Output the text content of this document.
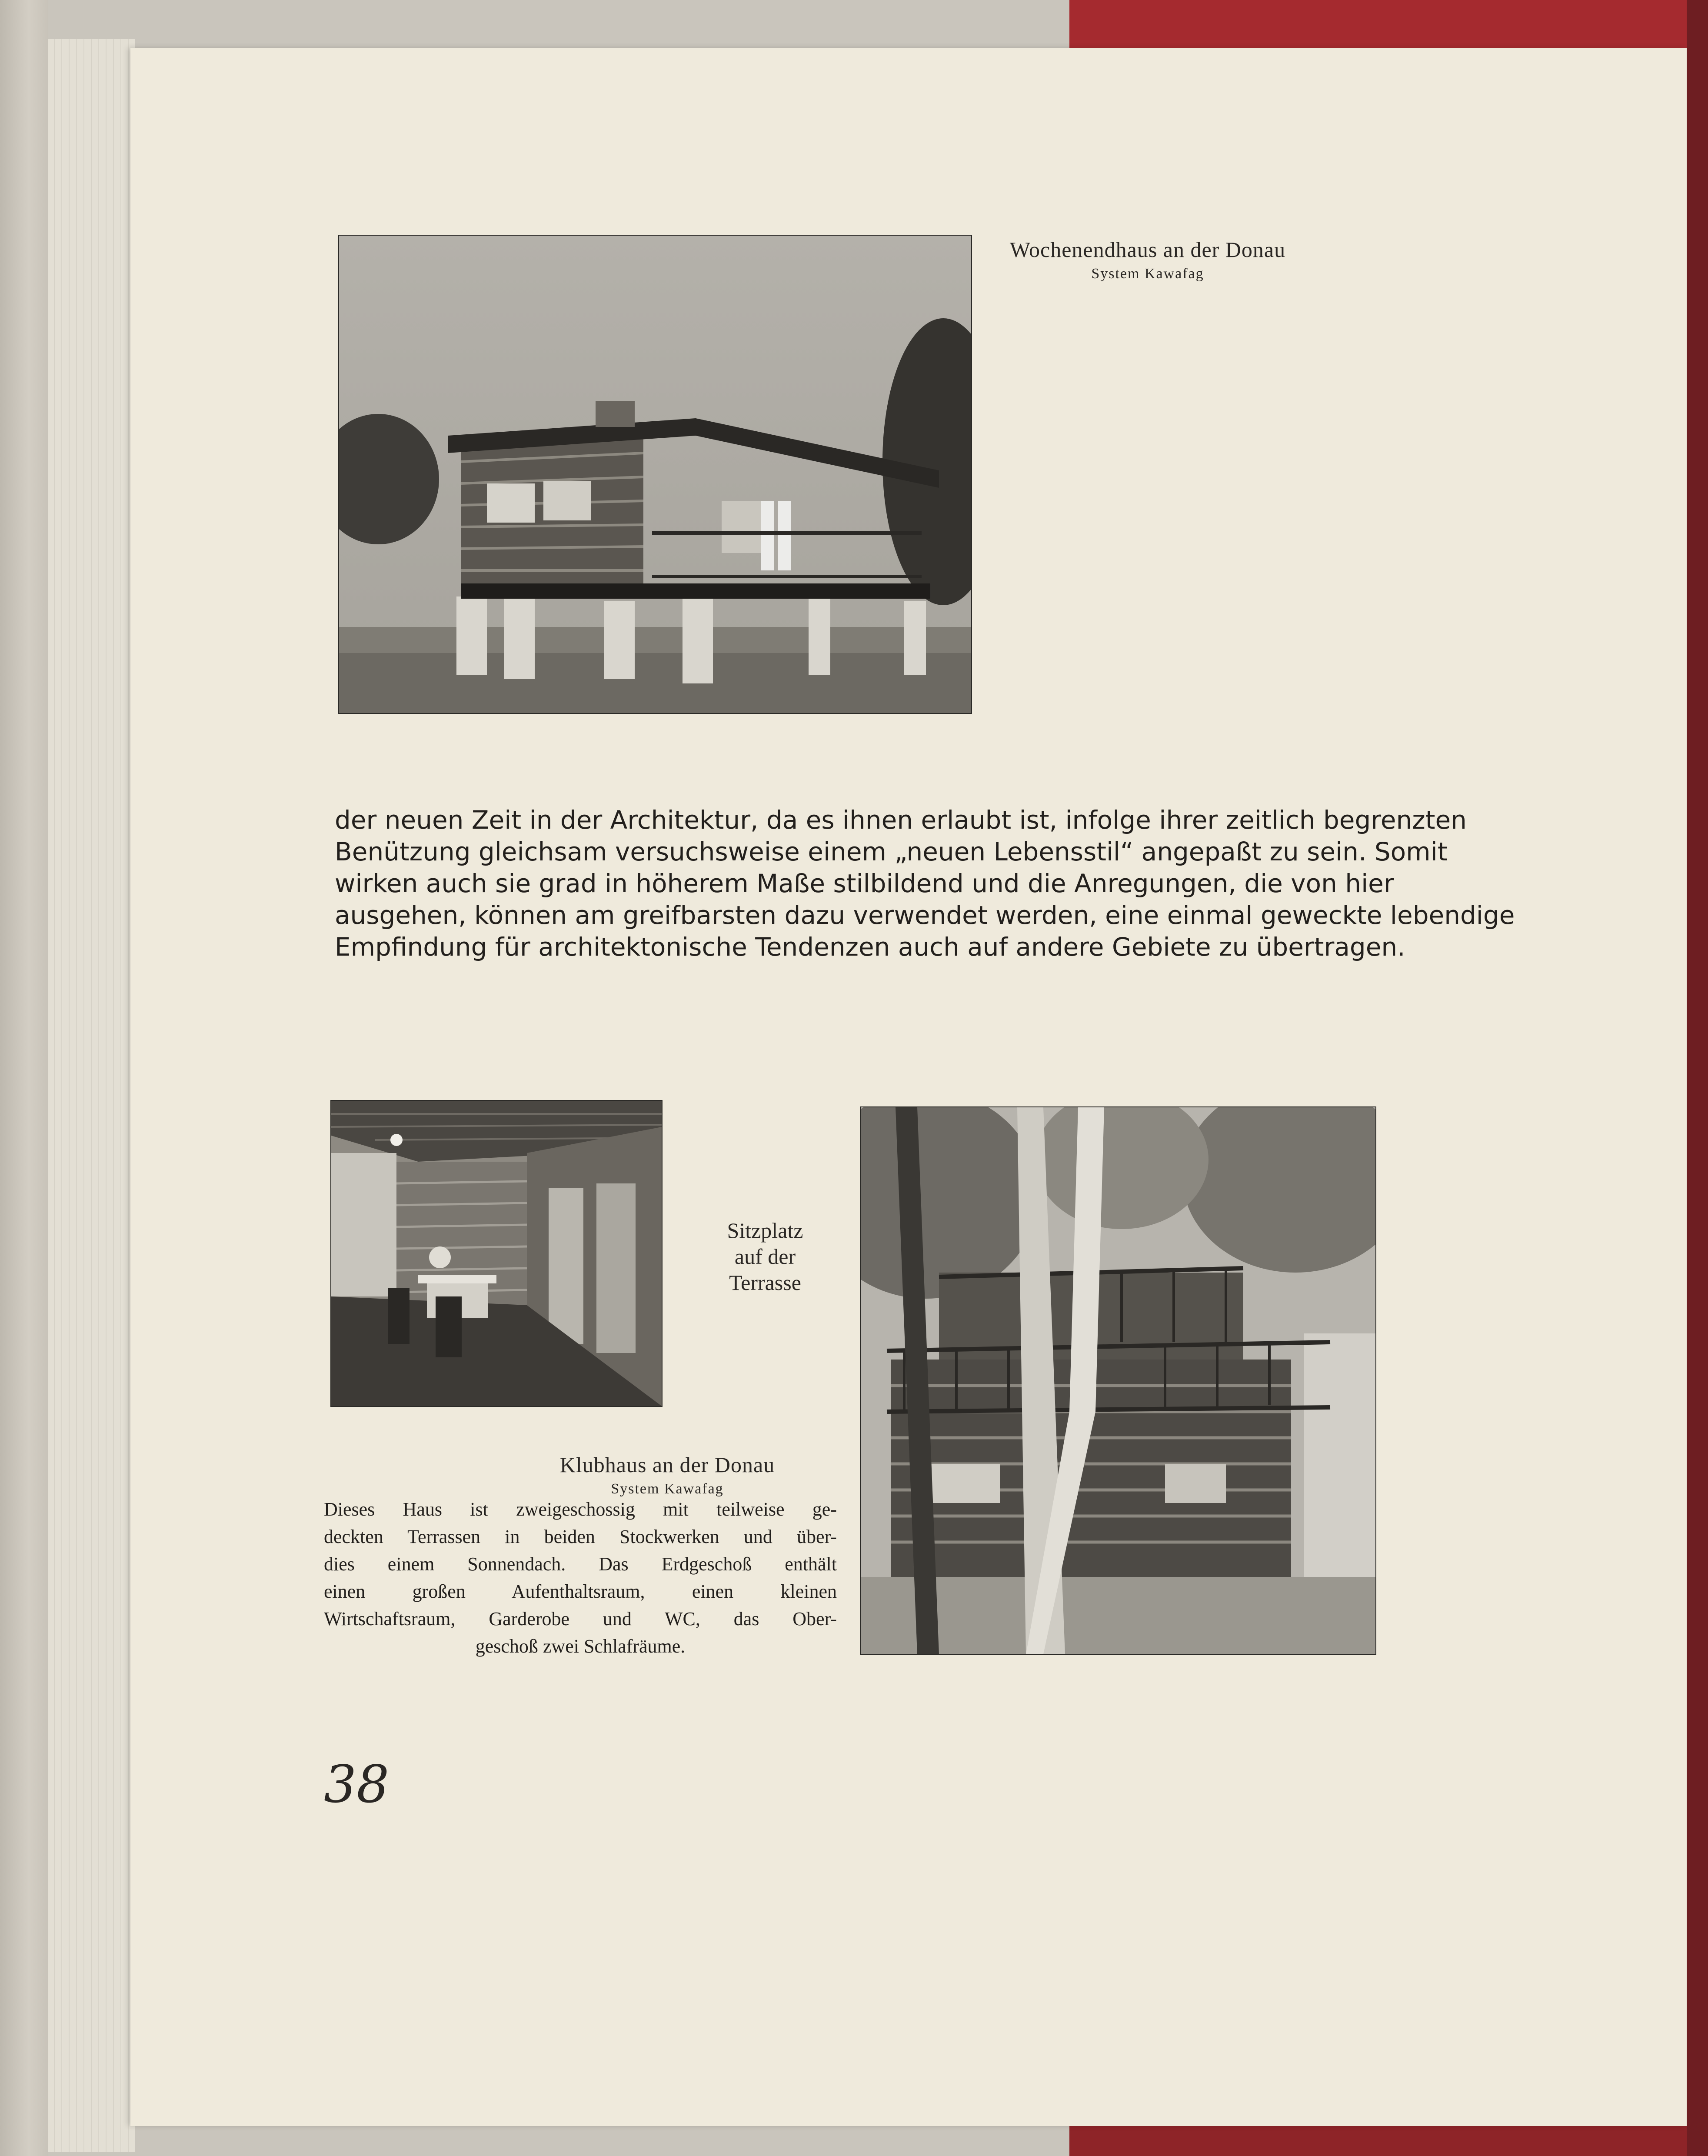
Wochenendhaus an der Donau
System Kawafag
der neuen Zeit in der Architektur, da es ihnen erlaubt ist, infolge ihrer zeitlich begrenzten
Benützung gleichsam versuchsweise einem „neuen Lebensstil“ angepaßt zu sein. Somit
wirken auch sie grad in höherem Maße stilbildend und die Anregungen, die von hier
ausgehen, können am greifbarsten dazu verwendet werden, eine einmal geweckte lebendige
Empfindung für architektonische Tendenzen auch auf andere Gebiete zu übertragen.
Sitzplatz
auf der
Terrasse
Klubhaus an der Donau
System Kawafag
Dieses Haus ist zweigeschossig mit teilweise ge-
deckten Terrassen in beiden Stockwerken und über-
dies einem Sonnendach. Das Erdgeschoß enthält
einen großen Aufenthaltsraum, einen kleinen
Wirtschaftsraum, Garderobe und WC, das Ober-
geschoß zwei Schlafräume.
38
